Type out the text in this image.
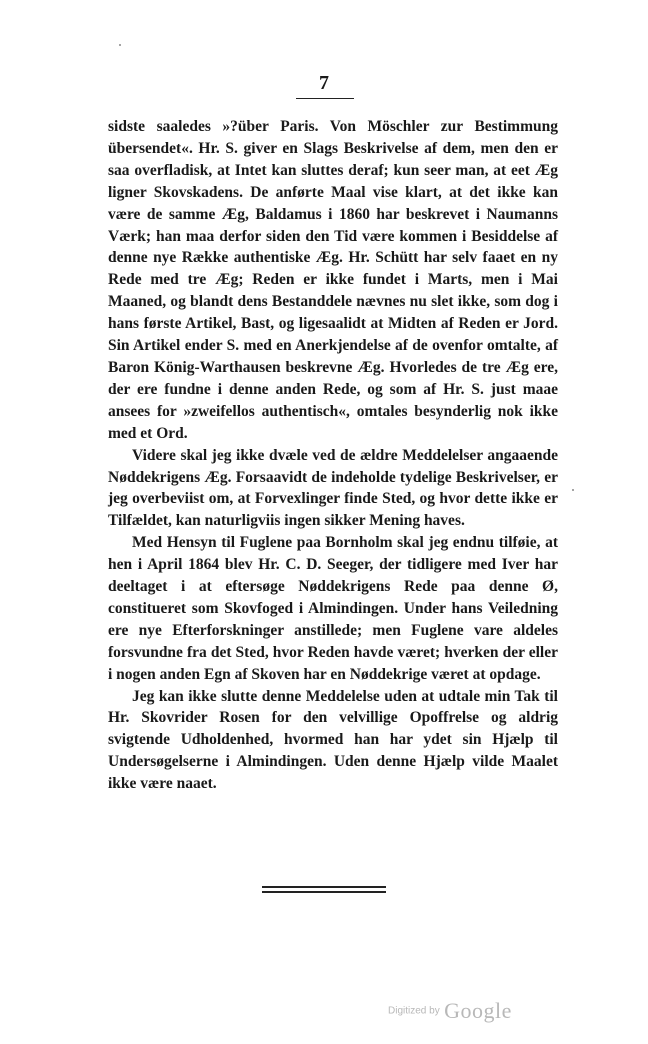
7

sidste saaledes »?über Paris. Von Möschler zur Bestimmung übersendet«. Hr. S. giver en Slags Beskrivelse af dem, men den er saa overfladisk, at Intet kan sluttes deraf; kun seer man, at eet Æg ligner Skovskadens. De anførte Maal vise klart, at det ikke kan være de samme Æg, Baldamus i 1860 har beskrevet i Naumanns Værk; han maa derfor siden den Tid være kommen i Besiddelse af denne nye Række authentiske Æg. Hr. Schütt har selv faaet en ny Rede med tre Æg; Reden er ikke fundet i Marts, men i Mai Maaned, og blandt dens Bestanddele nævnes nu slet ikke, som dog i hans første Artikel, Bast, og ligesaalidt at Midten af Reden er Jord. Sin Artikel ender S. med en Anerkjendelse af de ovenfor omtalte, af Baron König-Warthausen beskrevne Æg. Hvorledes de tre Æg ere, der ere fundne i denne anden Rede, og som af Hr. S. just maae ansees for »zweifellos authentisch«, omtales besynderlig nok ikke med et Ord.

Videre skal jeg ikke dvæle ved de ældre Meddelelser angaaende Nøddekrigens Æg. Forsaavidt de indeholde tydelige Beskrivelser, er jeg overbeviist om, at Forvexlinger finde Sted, og hvor dette ikke er Tilfældet, kan naturligviis ingen sikker Mening haves.

Med Hensyn til Fuglene paa Bornholm skal jeg endnu tilføie, at hen i April 1864 blev Hr. C. D. Seeger, der tidligere med Iver har deeltaget i at eftersøge Nøddekrigens Rede paa denne Ø, constitueret som Skovfoged i Almindingen. Under hans Veiledning ere nye Efterforskninger anstillede; men Fuglene vare aldeles forsvundne fra det Sted, hvor Reden havde været; hverken der eller i nogen anden Egn af Skoven har en Nøddekrige været at opdage.

Jeg kan ikke slutte denne Meddelelse uden at udtale min Tak til Hr. Skovrider Rosen for den velvillige Opoffrelse og aldrig svigtende Udholdenhed, hvormed han har ydet sin Hjælp til Undersøgelserne i Almindingen. Uden denne Hjælp vilde Maalet ikke være naaet.

Digitized by Google
